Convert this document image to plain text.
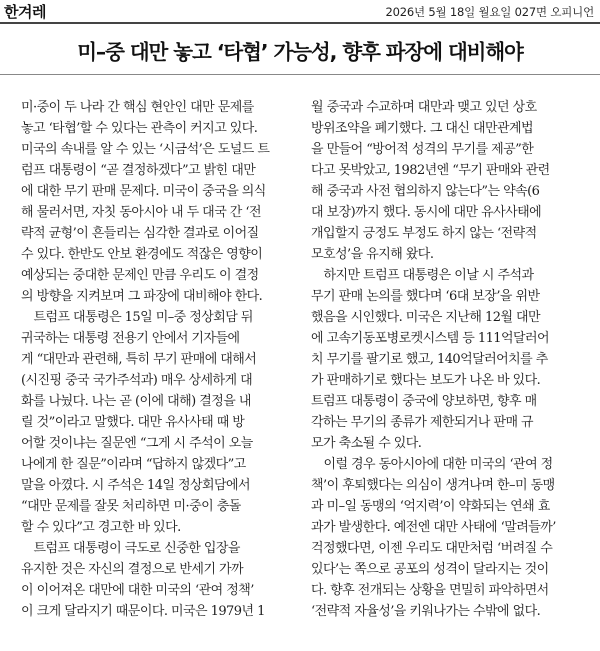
한겨레	2026년 5월 18일 월요일 027면 오피니언
미–중 대만 놓고 ‘타협’ 가능성, 향후 파장에 대비해야
미·중이 두 나라 간 핵심 현안인 대만 문제를
놓고 ‘타협’할 수 있다는 관측이 커지고 있다.
미국의 속내를 알 수 있는 ‘시금석’은 도널드 트
럼프 대통령이 “곧 결정하겠다”고 밝힌 대만
에 대한 무기 판매 문제다. 미국이 중국을 의식
해 물러서면, 자칫 동아시아 내 두 대국 간 ‘전
략적 균형’이 흔들리는 심각한 결과로 이어질
수 있다. 한반도 안보 환경에도 적잖은 영향이
예상되는 중대한 문제인 만큼 우리도 이 결정
의 방향을 지켜보며 그 파장에 대비해야 한다.
　트럼프 대통령은 15일 미–중 정상회담 뒤
귀국하는 대통령 전용기 안에서 기자들에
게 “대만과 관련해, 특히 무기 판매에 대해서
(시진핑 중국 국가주석과) 매우 상세하게 대
화를 나눴다. 나는 곧 (이에 대해) 결정을 내
릴 것”이라고 말했다. 대만 유사사태 때 방
어할 것이냐는 질문엔 “그게 시 주석이 오늘
나에게 한 질문”이라며 “답하지 않겠다”고
말을 아꼈다. 시 주석은 14일 정상회담에서
“대만 문제를 잘못 처리하면 미·중이 충돌
할 수 있다”고 경고한 바 있다.
　트럼프 대통령이 극도로 신중한 입장을
유지한 것은 자신의 결정으로 반세기 가까
이 이어져온 대만에 대한 미국의 ‘관여 정책’
이 크게 달라지기 때문이다. 미국은 1979년 1
월 중국과 수교하며 대만과 맺고 있던 상호
방위조약을 폐기했다. 그 대신 대만관계법
을 만들어 “방어적 성격의 무기를 제공”한
다고 못박았고, 1982년엔 “무기 판매와 관련
해 중국과 사전 협의하지 않는다”는 약속(6
대 보장)까지 했다. 동시에 대만 유사사태에
개입할지 긍정도 부정도 하지 않는 ‘전략적
모호성’을 유지해 왔다.
　하지만 트럼프 대통령은 이날 시 주석과
무기 판매 논의를 했다며 ‘6대 보장’을 위반
했음을 시인했다. 미국은 지난해 12월 대만
에 고속기동포병로켓시스템 등 111억달러어
치 무기를 팔기로 했고, 140억달러어치를 추
가 판매하기로 했다는 보도가 나온 바 있다.
트럼프 대통령이 중국에 양보하면, 향후 매
각하는 무기의 종류가 제한되거나 판매 규
모가 축소될 수 있다.
　이럴 경우 동아시아에 대한 미국의 ‘관여 정
책’이 후퇴했다는 의심이 생겨나며 한–미 동맹
과 미–일 동맹의 ‘억지력’이 약화되는 연쇄 효
과가 발생한다. 예전엔 대만 사태에 ‘말려들까’
걱정했다면, 이젠 우리도 대만처럼 ‘버려질 수
있다’는 쪽으로 공포의 성격이 달라지는 것이
다. 향후 전개되는 상황을 면밀히 파악하면서
‘전략적 자율성’을 키워나가는 수밖에 없다.
